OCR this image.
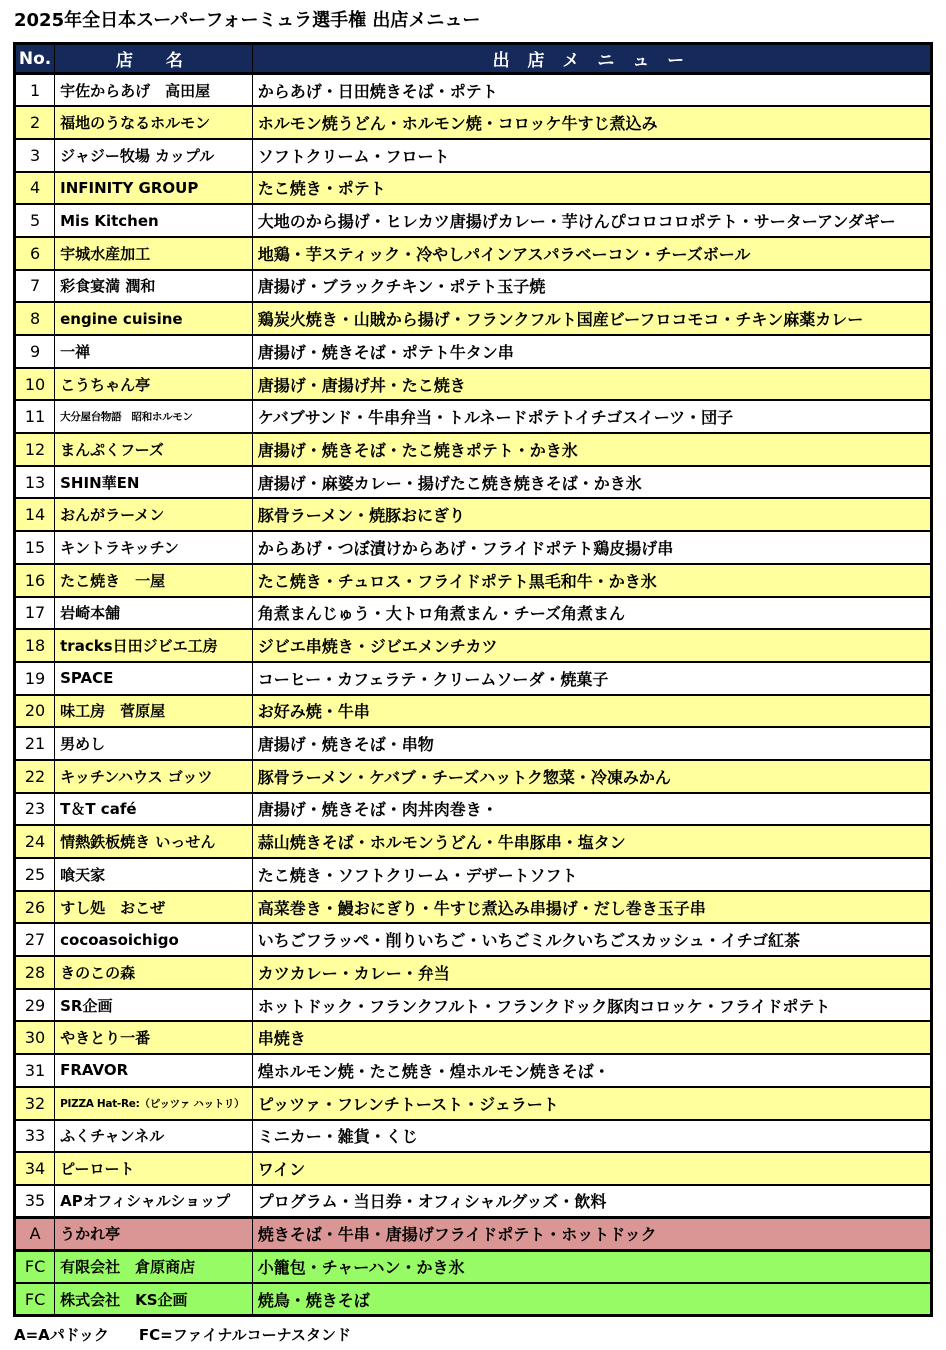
2025年全日本スーパーフォーミュラ選手権 出店メニュー
No.	店　名	出 店 メ ニ ュ ー
1	宇佐からあげ　高田屋	からあげ・日田焼きそば・ポテト
2	福地のうなるホルモン	ホルモン焼うどん・ホルモン焼・コロッケ牛すじ煮込み
3	ジャジー牧場 カップル	ソフトクリーム・フロート
4	INFINITY GROUP	たこ焼き・ポテト
5	Mis Kitchen	大地のから揚げ・ヒレカツ唐揚げカレー・芋けんぴコロコロポテト・サーターアンダギー
6	宇城水産加工	地鶏・芋スティック・冷やしパインアスパラベーコン・チーズボール
7	彩食宴満 潤和	唐揚げ・ブラックチキン・ポテト玉子焼
8	engine cuisine	鶏炭火焼き・山賊から揚げ・フランクフルト国産ビーフロコモコ・チキン麻薬カレー
9	一禅	唐揚げ・焼きそば・ポテト牛タン串
10	こうちゃん亭	唐揚げ・唐揚げ丼・たこ焼き
11	大分屋台物語　昭和ホルモン	ケバブサンド・牛串弁当・トルネードポテトイチゴスイーツ・団子
12	まんぷくフーズ	唐揚げ・焼きそば・たこ焼きポテト・かき氷
13	SHIN華EN	唐揚げ・麻婆カレー・揚げたこ焼き焼きそば・かき氷
14	おんがラーメン	豚骨ラーメン・焼豚おにぎり
15	キントラキッチン	からあげ・つぼ漬けからあげ・フライドポテト鶏皮揚げ串
16	たこ焼き　一屋	たこ焼き・チュロス・フライドポテト黒毛和牛・かき氷
17	岩崎本舗	角煮まんじゅう・大トロ角煮まん・チーズ角煮まん
18	tracks日田ジビエ工房	ジビエ串焼き・ジビエメンチカツ
19	SPACE	コーヒー・カフェラテ・クリームソーダ・焼菓子
20	味工房　菅原屋	お好み焼・牛串
21	男めし	唐揚げ・焼きそば・串物
22	キッチンハウス ゴッツ	豚骨ラーメン・ケバブ・チーズハットク惣菜・冷凍みかん
23	T＆T café	唐揚げ・焼きそば・肉丼肉巻き・
24	情熱鉄板焼き いっせん	蒜山焼きそば・ホルモンうどん・牛串豚串・塩タン
25	喰天家	たこ焼き・ソフトクリーム・デザートソフト
26	すし処　おこぜ	高菜巻き・鰻おにぎり・牛すじ煮込み串揚げ・だし巻き玉子串
27	cocoasoichigo	いちごフラッペ・削りいちご・いちごミルクいちごスカッシュ・イチゴ紅茶
28	きのこの森	カツカレー・カレー・弁当
29	SR企画	ホットドック・フランクフルト・フランクドック豚肉コロッケ・フライドポテト
30	やきとり一番	串焼き
31	FRAVOR	煌ホルモン焼・たこ焼き・煌ホルモン焼きそば・
32	PIZZA Hat-Re:（ピッツァ ハットリ）	ピッツァ・フレンチトースト・ジェラート
33	ふくチャンネル	ミニカー・雑貨・くじ
34	ピーロート	ワイン
35	APオフィシャルショップ	プログラム・当日券・オフィシャルグッズ・飲料
A	うかれ亭	焼きそば・牛串・唐揚げフライドポテト・ホットドック
FC	有限会社　倉原商店	小籠包・チャーハン・かき氷
FC	株式会社　KS企画	焼鳥・焼きそば
A=Aパドック　　FC=ファイナルコーナスタンド
